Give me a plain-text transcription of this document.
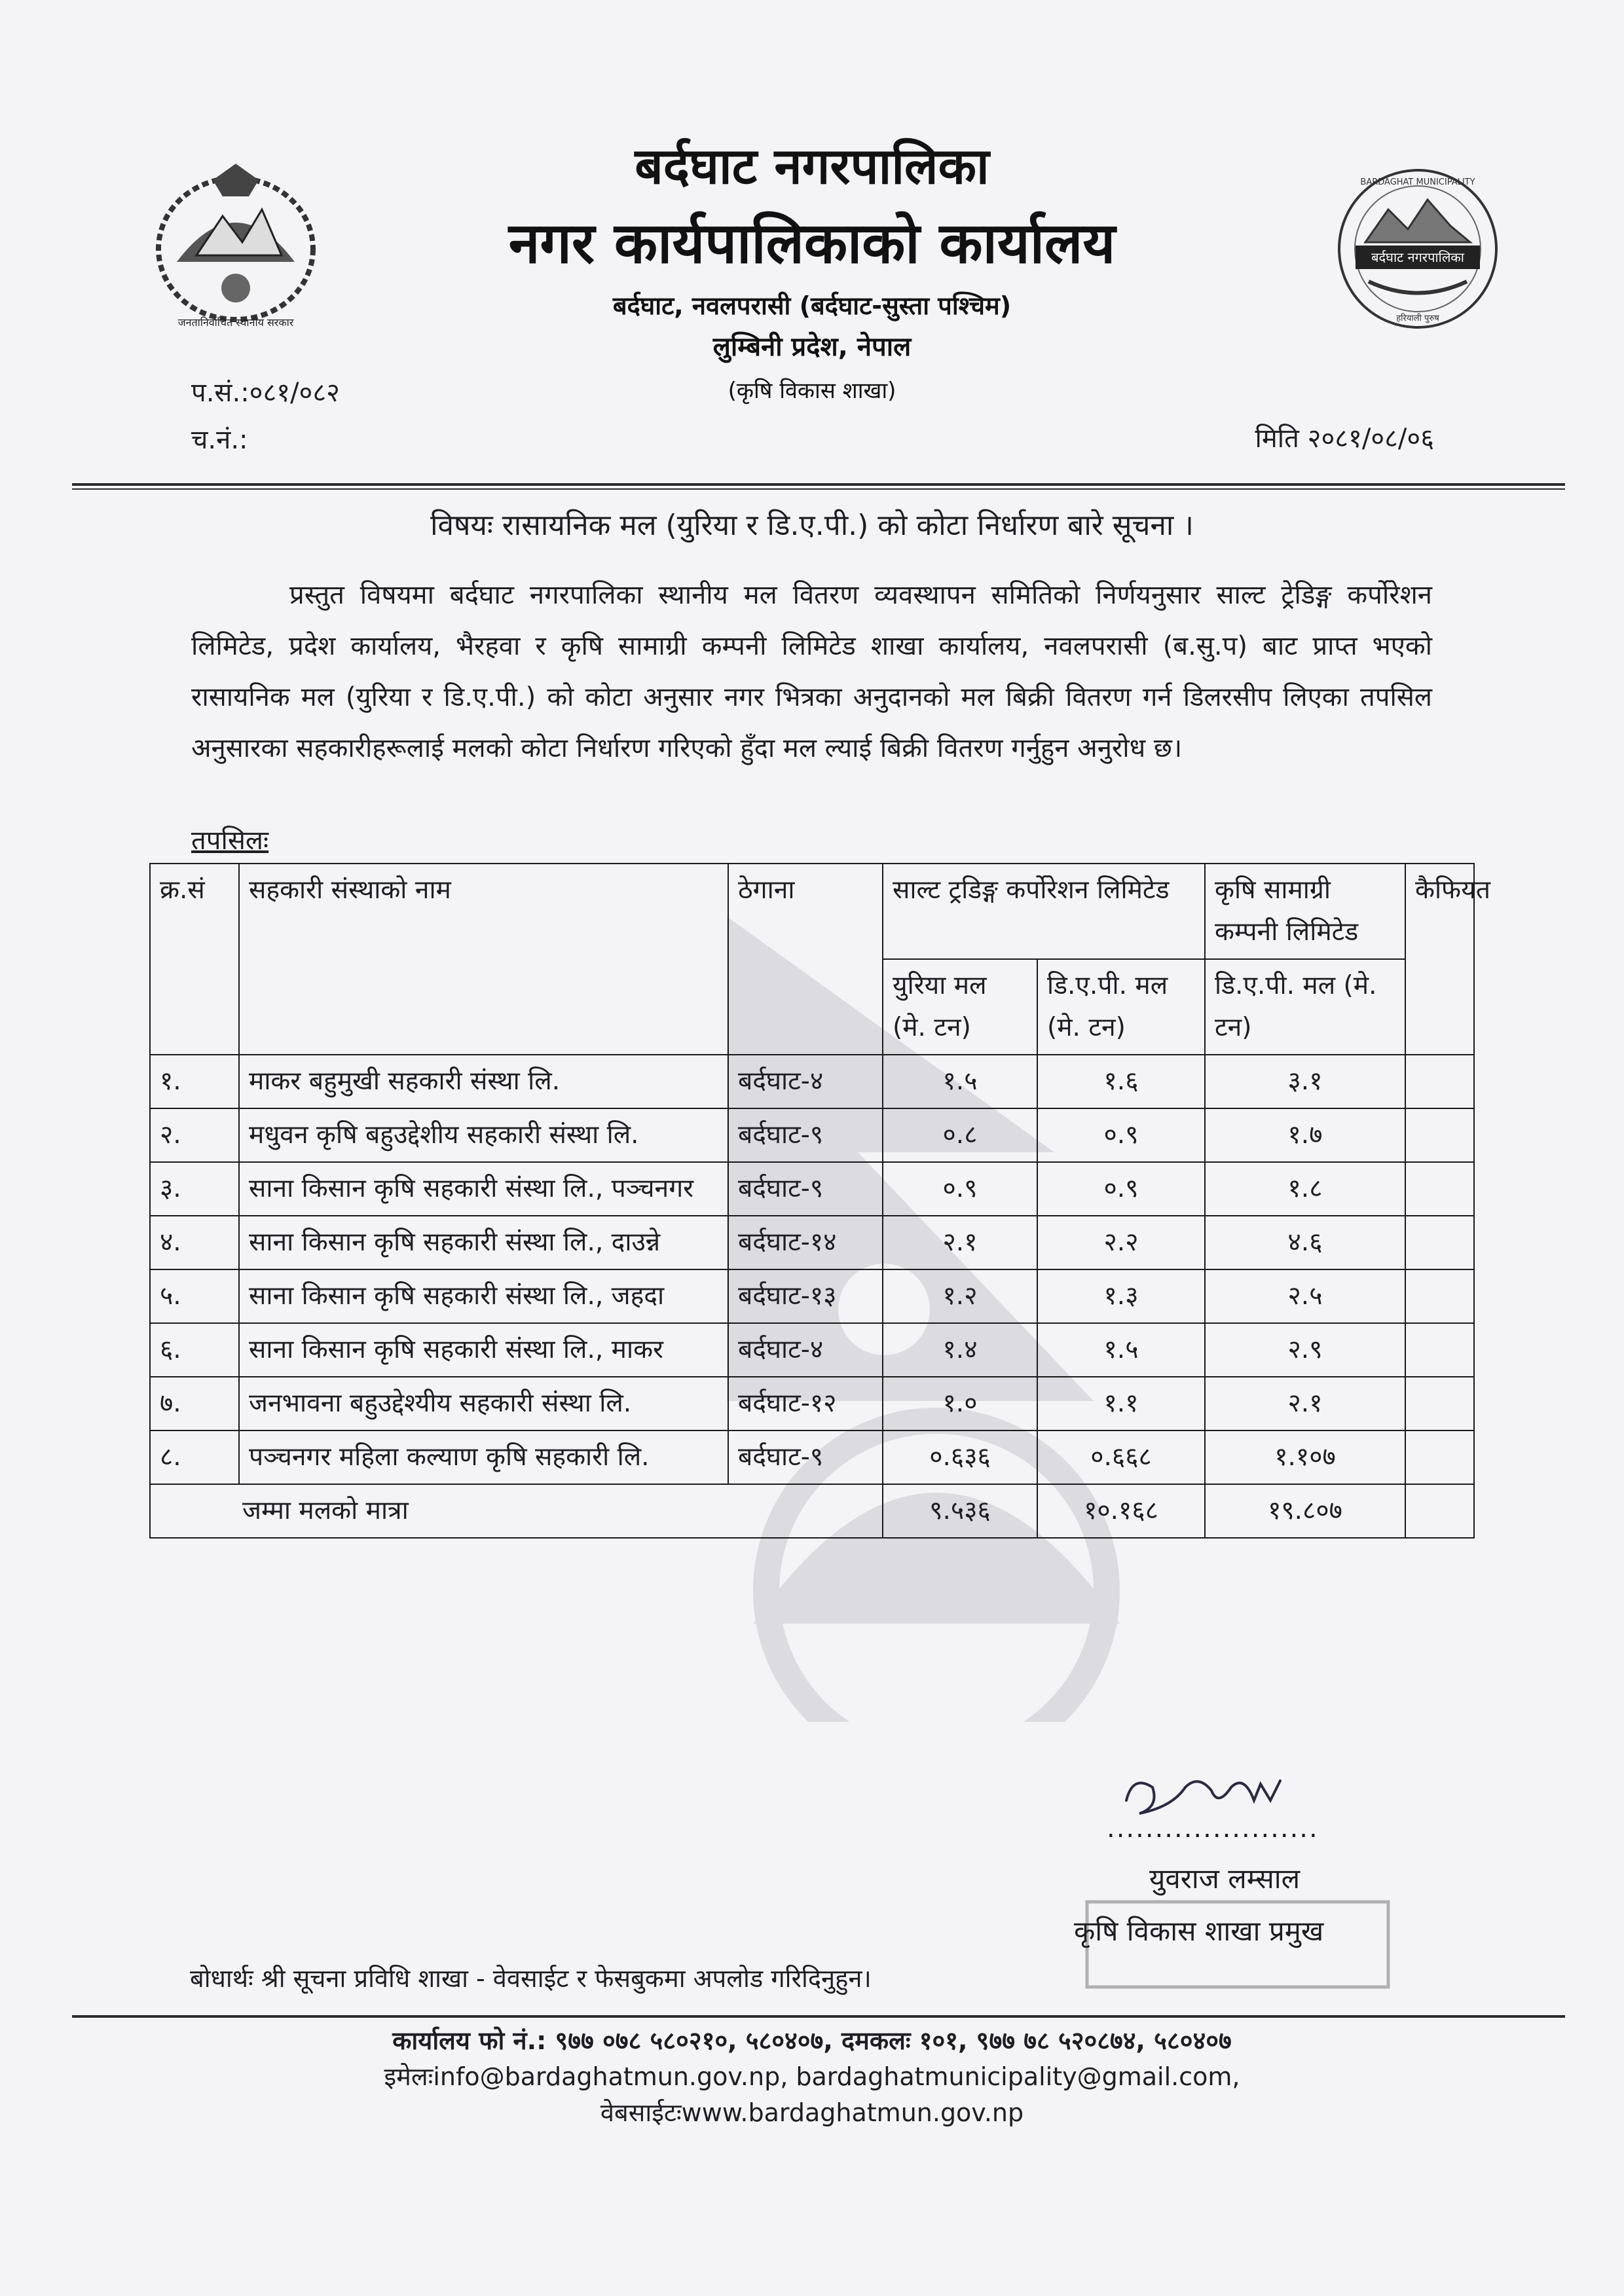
जनतानिर्वाचित स्थानीय सरकार
बर्दघाट नगरपालिका
BARDAGHAT MUNICIPALITY
हरियाली पुरुष
बर्दघाट नगरपालिका
नगर कार्यपालिकाको कार्यालय
बर्दघाट, नवलपरासी (बर्दघाट-सुस्ता पश्चिम)
लुम्बिनी प्रदेश, नेपाल
(कृषि विकास शाखा)
प.सं.:०८१/०८२
च.नं.:	मिति २०८१/०८/०६
विषयः रासायनिक मल (युरिया र डि.ए.पी.) को कोटा निर्धारण बारे सूचना ।
प्रस्तुत विषयमा बर्दघाट नगरपालिका स्थानीय मल वितरण व्यवस्थापन समितिको निर्णयनुसार साल्ट ट्रेडिङ्ग कर्पोरेशन लिमिटेड, प्रदेश कार्यालय, भैरहवा र कृषि सामाग्री कम्पनी लिमिटेड शाखा कार्यालय, नवलपरासी (ब.सु.प) बाट प्राप्त भएको रासायनिक मल (युरिया र डि.ए.पी.) को कोटा अनुसार नगर भित्रका अनुदानको मल बिक्री वितरण गर्न डिलरसीप लिएका तपसिल अनुसारका सहकारीहरूलाई मलको कोटा निर्धारण गरिएको हुँदा मल ल्याई बिक्री वितरण गर्नुहुन अनुरोध छ।
तपसिलः
क्र.सं	सहकारी संस्थाको नाम	ठेगाना	साल्ट ट्रडिङ्ग कर्पोरेशन लिमिटेड		कृषि सामाग्री कम्पनी लिमिटेड	कैफियत
			युरिया मल (मे. टन)	डि.ए.पी. मल (मे. टन)	डि.ए.पी. मल (मे. टन)	
१.	माकर बहुमुखी सहकारी संस्था लि.	बर्दघाट-४	१.५	१.६	३.१	
२.	मधुवन कृषि बहुउद्देशीय सहकारी संस्था लि.	बर्दघाट-९	०.८	०.९	१.७	
३.	साना किसान कृषि सहकारी संस्था लि., पञ्चनगर	बर्दघाट-९	०.९	०.९	१.८	
४.	साना किसान कृषि सहकारी संस्था लि., दाउन्ने	बर्दघाट-१४	२.१	२.२	४.६	
५.	साना किसान कृषि सहकारी संस्था लि., जहदा	बर्दघाट-१३	१.२	१.३	२.५	
६.	साना किसान कृषि सहकारी संस्था लि., माकर	बर्दघाट-४	१.४	१.५	२.९	
७.	जनभावना बहुउद्देश्यीय सहकारी संस्था लि.	बर्दघाट-१२	१.०	१.१	२.१	
८.	पञ्चनगर महिला कल्याण कृषि सहकारी लि.	बर्दघाट-९	०.६३६	०.६६८	१.१०७	
जम्मा मलको मात्रा			९.५३६	१०.१६८	१९.८०७	
......................
युवराज लम्साल
कृषि विकास शाखा प्रमुख
बोधार्थः श्री सूचना प्रविधि शाखा - वेवसाईट र फेसबुकमा अपलोड गरिदिनुहुन।
कार्यालय फो नं.: ९७७ ०७८ ५८०२१०, ५८०४०७, दमकलः १०१, ९७७ ७८ ५२०८७४, ५८०४०७
इमेलःinfo@bardaghatmun.gov.np, bardaghatmunicipality@gmail.com,
वेबसाईटःwww.bardaghatmun.gov.np
